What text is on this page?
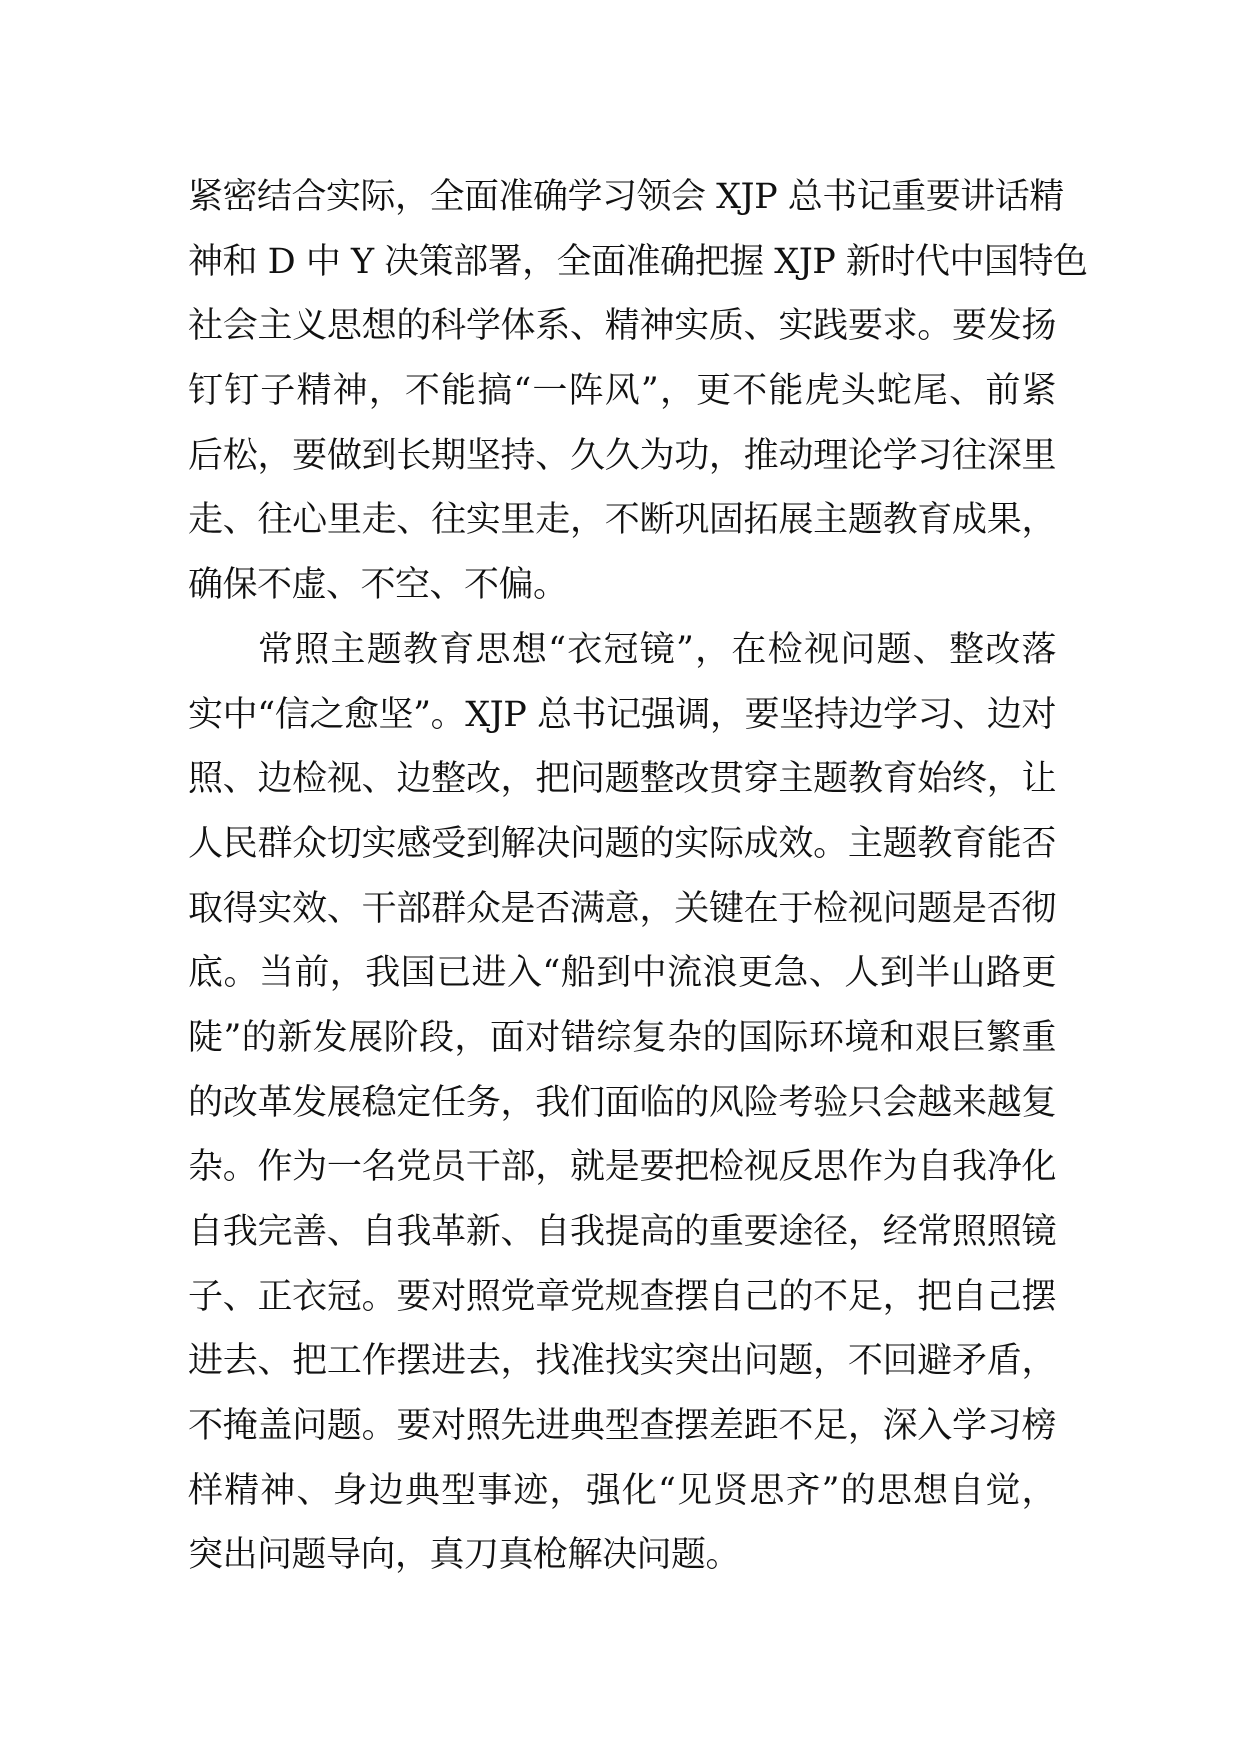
紧密结合实际，全面准确学习领会 XJP 总书记重要讲话精
神和 D 中 Y 决策部署，全面准确把握 XJP 新时代中国特色
社会主义思想的科学体系、精神实质、实践要求。要发扬
钉钉子精神，不能搞“一阵风”，更不能虎头蛇尾、前紧
后松，要做到长期坚持、久久为功，推动理论学习往深里
走、往心里走、往实里走，不断巩固拓展主题教育成果，
确保不虚、不空、不偏。
常照主题教育思想“衣冠镜”，在检视问题、整改落
实中“信之愈坚”。XJP 总书记强调，要坚持边学习、边对
照、边检视、边整改，把问题整改贯穿主题教育始终，让
人民群众切实感受到解决问题的实际成效。主题教育能否
取得实效、干部群众是否满意，关键在于检视问题是否彻
底。当前，我国已进入“船到中流浪更急、人到半山路更
陡”的新发展阶段，面对错综复杂的国际环境和艰巨繁重
的改革发展稳定任务，我们面临的风险考验只会越来越复
杂。作为一名党员干部，就是要把检视反思作为自我净化
自我完善、自我革新、自我提高的重要途径，经常照照镜
子、正衣冠。要对照党章党规查摆自己的不足，把自己摆
进去、把工作摆进去，找准找实突出问题，不回避矛盾，
不掩盖问题。要对照先进典型查摆差距不足，深入学习榜
样精神、身边典型事迹，强化“见贤思齐”的思想自觉，
突出问题导向，真刀真枪解决问题。
